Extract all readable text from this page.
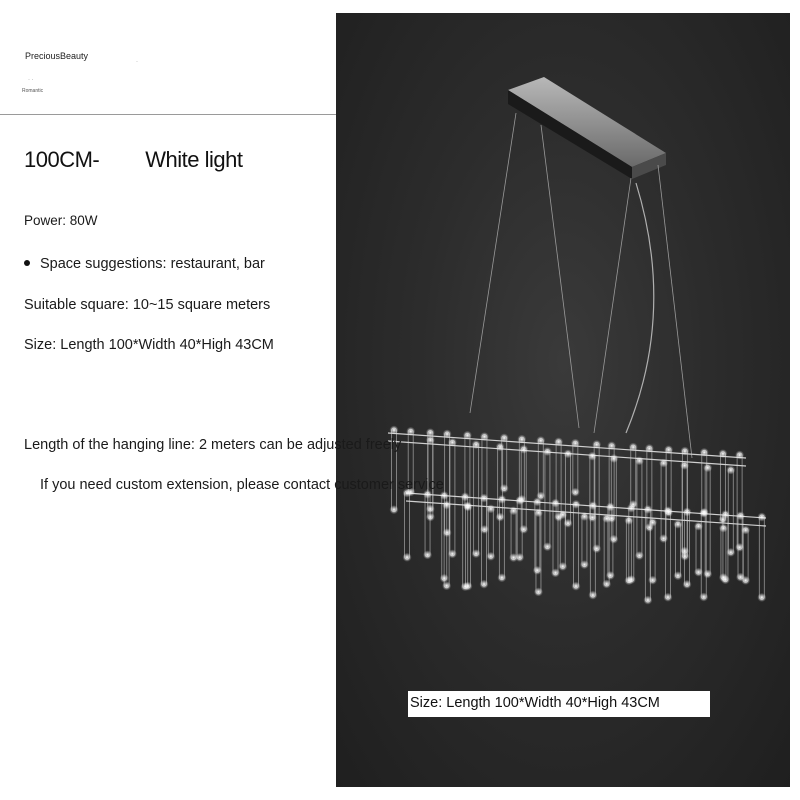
PreciousBeauty
· ·
·
Romantic
100CM- White light
Power: 80W
Space suggestions: restaurant, bar
Suitable square: 10~15 square meters
Size: Length 100*Width 40*High 43CM
Length of the hanging line: 2 meters can be adjusted freely
If you need custom extension, please contact customer service
Size: Length 100*Width 40*High 43CM
